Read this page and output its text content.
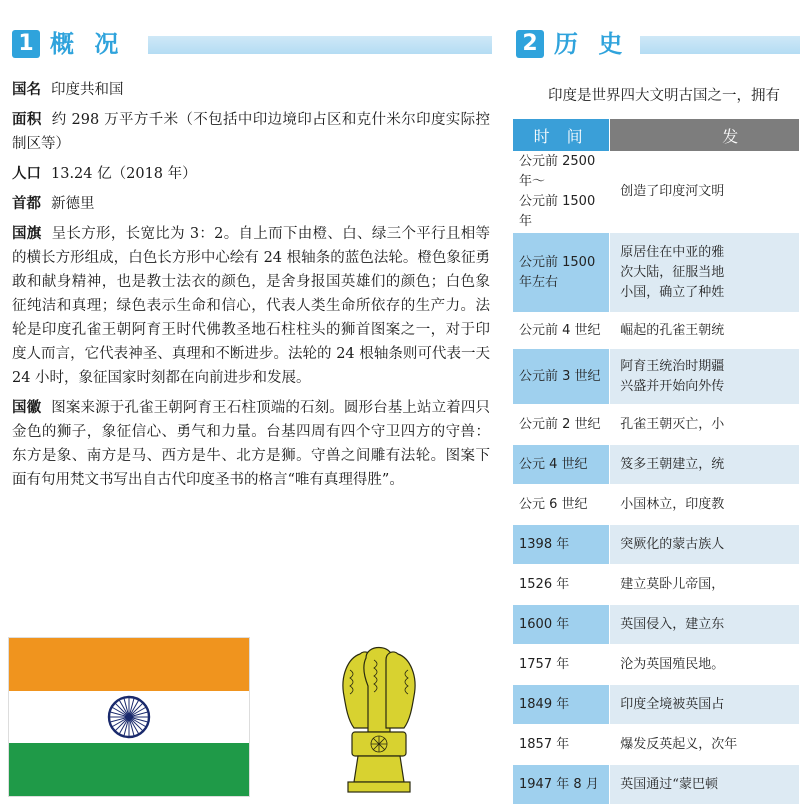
1 概 况	2 历 史
国名 印度共和国
面积 约 298 万平方千米（不包括中印边境印占区和克什米尔印度实际控制区等）
人口 13.24 亿（2018 年）
首都 新德里
国旗 呈长方形，长宽比为 3：2。自上而下由橙、白、绿三个平行且相等的横长方形组成，白色长方形中心绘有 24 根轴条的蓝色法轮。橙色象征勇敢和献身精神，也是教士法衣的颜色，是舍身报国英雄们的颜色；白色象征纯洁和真理；绿色表示生命和信心，代表人类生命所依存的生产力。法轮是印度孔雀王朝阿育王时代佛教圣地石柱柱头的狮首图案之一，对于印度人而言，它代表神圣、真理和不断进步。法轮的 24 根轴条则可代表一天 24 小时，象征国家时刻都在向前进步和发展。
国徽 图案来源于孔雀王朝阿育王石柱顶端的石刻。圆形台基上站立着四只金色的狮子，象征信心、勇气和力量。台基四周有四个守卫四方的守兽：东方是象、南方是马、西方是牛、北方是狮。守兽之间雕有法轮。图案下面有句用梵文书写出自古代印度圣书的格言“唯有真理得胜”。
印度是世界四大文明古国之一，拥有
时 间	发
公元前 2500 年～
公元前 1500 年	创造了印度河文明
公元前 1500 年左右	原居住在中亚的雅
次大陆，征服当地
小国，确立了种姓
公元前 4 世纪	崛起的孔雀王朝统
公元前 3 世纪	阿育王统治时期疆
兴盛并开始向外传
公元前 2 世纪	孔雀王朝灭亡，小
公元 4 世纪	笈多王朝建立，统
公元 6 世纪	小国林立，印度教
1398 年	突厥化的蒙古族人
1526 年	建立莫卧儿帝国，
1600 年	英国侵入，建立东
1757 年	沦为英国殖民地。
1849 年	印度全境被英国占
1857 年	爆发反英起义，次年
1947 年 8 月	英国通过“蒙巴顿
